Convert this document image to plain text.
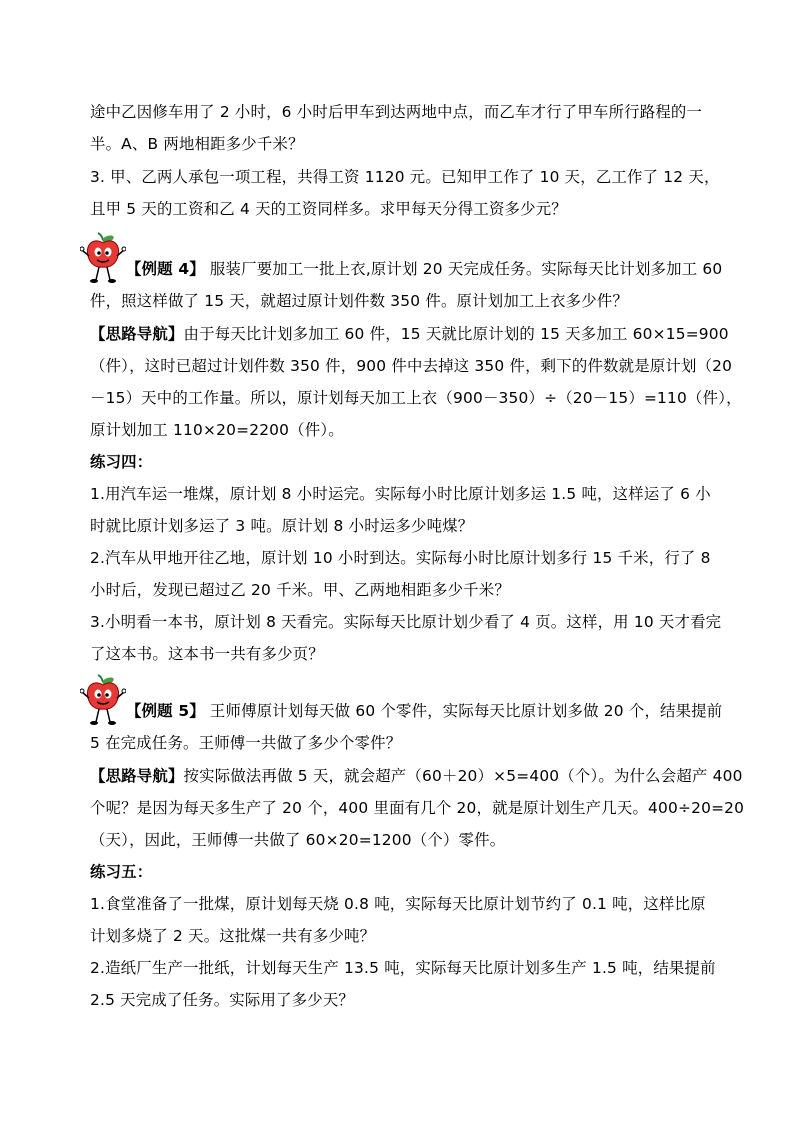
途中乙因修车用了 2 小时，6 小时后甲车到达两地中点，而乙车才行了甲车所行路程的一
半。A、B 两地相距多少千米？
3. 甲、乙两人承包一项工程，共得工资 1120 元。已知甲工作了 10 天，乙工作了 12 天，
且甲 5 天的工资和乙 4 天的工资同样多。求甲每天分得工资多少元？
【例题 4】 服装厂要加工一批上衣,原计划 20 天完成任务。实际每天比计划多加工 60
件，照这样做了 15 天，就超过原计划件数 350 件。原计划加工上衣多少件？
【思路导航】由于每天比计划多加工 60 件，15 天就比原计划的 15 天多加工 60×15=900
（件），这时已超过计划件数 350 件，900 件中去掉这 350 件，剩下的件数就是原计划（20
－15）天中的工作量。所以，原计划每天加工上衣（900－350）÷（20－15）=110（件），
原计划加工 110×20=2200（件）。
练习四：
1.用汽车运一堆煤，原计划 8 小时运完。实际每小时比原计划多运 1.5 吨，这样运了 6 小
时就比原计划多运了 3 吨。原计划 8 小时运多少吨煤？
2.汽车从甲地开往乙地，原计划 10 小时到达。实际每小时比原计划多行 15 千米，行了 8
小时后，发现已超过乙 20 千米。甲、乙两地相距多少千米？
3.小明看一本书，原计划 8 天看完。实际每天比原计划少看了 4 页。这样，用 10 天才看完
了这本书。这本书一共有多少页？
【例题 5】 王师傅原计划每天做 60 个零件，实际每天比原计划多做 20 个，结果提前
5 在完成任务。王师傅一共做了多少个零件？
【思路导航】按实际做法再做 5 天，就会超产（60＋20）×5=400（个）。为什么会超产 400
个呢？是因为每天多生产了 20 个，400 里面有几个 20，就是原计划生产几天。400÷20=20
（天），因此，王师傅一共做了 60×20=1200（个）零件。
练习五：
1.食堂准备了一批煤，原计划每天烧 0.8 吨，实际每天比原计划节约了 0.1 吨，这样比原
计划多烧了 2 天。这批煤一共有多少吨？
2.造纸厂生产一批纸，计划每天生产 13.5 吨，实际每天比原计划多生产 1.5 吨，结果提前
2.5 天完成了任务。实际用了多少天？
